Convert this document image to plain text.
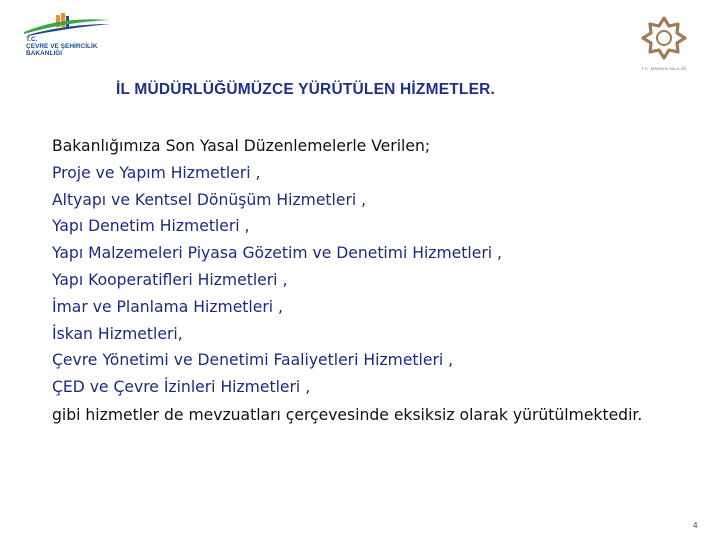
T.C.
ÇEVRE VE ŞEHİRCİLİK
BAKANLIĞI
T.C. MARDİN VALİLİĞİ
İL MÜDÜRLÜĞÜMÜZCE YÜRÜTÜLEN HİZMETLER.
Bakanlığımıza Son Yasal Düzenlemelerle Verilen;
Proje ve Yapım Hizmetleri ,
Altyapı ve Kentsel Dönüşüm Hizmetleri ,
Yapı Denetim Hizmetleri ,
Yapı Malzemeleri Piyasa Gözetim ve Denetimi Hizmetleri ,
Yapı Kooperatifleri Hizmetleri ,
İmar ve Planlama Hizmetleri ,
İskan Hizmetleri,
Çevre Yönetimi ve Denetimi Faaliyetleri Hizmetleri ,
ÇED ve Çevre İzinleri Hizmetleri ,
gibi hizmetler de mevzuatları çerçevesinde eksiksiz olarak yürütülmektedir.
4
